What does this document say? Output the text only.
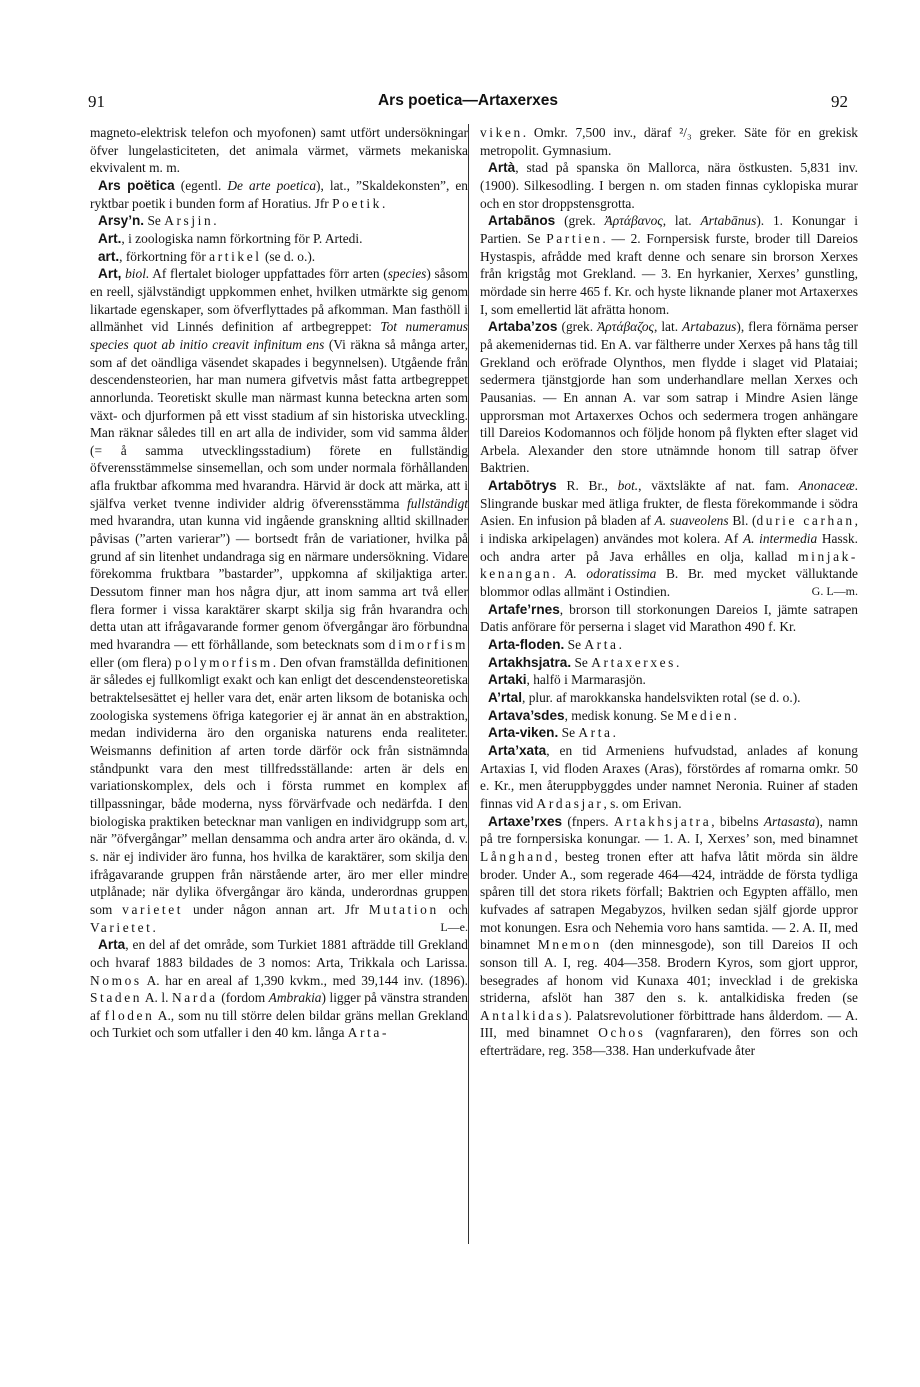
91	Ars poetica—Artaxerxes	92

magneto-elektrisk telefon och myofonen) samt utfört undersökningar öfver lungelasticiteten, det animala värmet, värmets mekaniska ekvivalent m. m.

Ars poëtica (egentl. De arte poetica), lat., ”Skaldekonsten”, en ryktbar poetik i bunden form af Horatius. Jfr Poetik.

Arsy’n. Se Arsjin.

Art., i zoologiska namn förkortning för P. Artedi.

art., förkortning för artikel (se d. o.).

Art, biol. Af flertalet biologer uppfattades förr arten (species) såsom en reell, självständigt uppkommen enhet, hvilken utmärkte sig genom likartade egenskaper, som öfverflyttades på afkomman. Man fasthöll i allmänhet vid Linnés definition af artbegreppet: Tot numeramus species quot ab initio creavit infinitum ens (Vi räkna så många arter, som af det oändliga väsendet skapades i begynnelsen). Utgående från descendensteorien, har man numera gifvetvis måst fatta artbegreppet annorlunda. Teoretiskt skulle man närmast kunna beteckna arten som växt- och djurformen på ett visst stadium af sin historiska utveckling. Man räknar således till en art alla de individer, som vid samma ålder (= å samma utvecklingsstadium) förete en fullständig öfverensstämmelse sinsemellan, och som under normala förhållanden afla fruktbar afkomma med hvarandra. Härvid är dock att märka, att i själfva verket tvenne individer aldrig öfverensstämma fullständigt med hvarandra, utan kunna vid ingående granskning alltid skillnader påvisas (”arten varierar”) — bortsedt från de variationer, hvilka på grund af sin litenhet undandraga sig en närmare undersökning. Vidare förekomma fruktbara ”bastarder”, uppkomna af skiljaktiga arter. Dessutom finner man hos några djur, att inom samma art två eller flera former i vissa karaktärer skarpt skilja sig från hvarandra och detta utan att ifrågavarande former genom öfvergångar äro förbundna med hvarandra — ett förhållande, som betecknats som dimorfism eller (om flera) polymorfism. Den ofvan framställda definitionen är således ej fullkomligt exakt och kan enligt det descendensteoretiska betraktelsesättet ej heller vara det, enär arten liksom de botaniska och zoologiska systemens öfriga kategorier ej är annat än en abstraktion, medan individerna äro den organiska naturens enda realiteter. Weismanns definition af arten torde därför ock från sistnämnda ståndpunkt vara den mest tillfredsställande: arten är dels en variationskomplex, dels och i första rummet en komplex af tillpassningar, både moderna, nyss förvärfvade och nedärfda. I den biologiska praktiken betecknar man vanligen en individgrupp som art, när ”öfvergångar” mellan densamma och andra arter äro okända, d. v. s. när ej individer äro funna, hos hvilka de karaktärer, som skilja den ifrågavarande gruppen från närstående arter, äro mer eller mindre utplånade; när dylika öfvergångar äro kända, underordnas gruppen som varietet under någon annan art. Jfr Mutation och Varietet.	L—e.

Arta, en del af det område, som Turkiet 1881 afträdde till Grekland och hvaraf 1883 bildades de 3 nomos: Arta, Trikkala och Larissa. Nomos A. har en areal af 1,390 kvkm., med 39,144 inv. (1896). Staden A. l. Narda (fordom Ambrakia) ligger på vänstra stranden af floden A., som nu till större delen bildar gräns mellan Grekland och Turkiet och som utfaller i den 40 km. långa Arta-

viken. Omkr. 7,500 inv., däraf ²/₃ greker. Säte för en grekisk metropolit. Gymnasium.

Artà, stad på spanska ön Mallorca, nära östkusten. 5,831 inv. (1900). Silkesodling. I bergen n. om staden finnas cyklopiska murar och en stor droppstensgrotta.

Artabānos (grek. Ἀρτάβανος, lat. Artabānus). 1. Konungar i Partien. Se Partien. — 2. Fornpersisk furste, broder till Dareios Hystaspis, afrådde med kraft denne och senare sin brorson Xerxes från krigståg mot Grekland. — 3. En hyrkanier, Xerxes’ gunstling, mördade sin herre 465 f. Kr. och hyste liknande planer mot Artaxerxes I, som emellertid lät afrätta honom.

Artaba’zos (grek. Ἀρτάβαζος, lat. Artabazus), flera förnäma perser på akemenidernas tid. En A. var fältherre under Xerxes på hans tåg till Grekland och eröfrade Olynthos, men flydde i slaget vid Plataiai; sedermera tjänstgjorde han som underhandlare mellan Xerxes och Pausanias. — En annan A. var som satrap i Mindre Asien länge upprorsman mot Artaxerxes Ochos och sedermera trogen anhängare till Dareios Kodomannos och följde honom på flykten efter slaget vid Arbela. Alexander den store utnämnde honom till satrap öfver Baktrien.

Artabōtrys R. Br., bot., växtsläkte af nat. fam. Anonaceæ. Slingrande buskar med ätliga frukter, de flesta förekommande i södra Asien. En infusion på bladen af A. suaveolens Bl. (durie carhan, i indiska arkipelagen) användes mot kolera. Af A. intermedia Hassk. och andra arter på Java erhålles en olja, kallad minjak-kenangan. A. odoratissima B. Br. med mycket välluktande blommor odlas allmänt i Ostindien.	G. L—m.

Artafe’rnes, brorson till storkonungen Dareios I, jämte satrapen Datis anförare för perserna i slaget vid Marathon 490 f. Kr.

Arta-floden. Se Arta.

Artakhsjatra. Se Artaxerxes.

Artaki, halfö i Marmarasjön.

A’rtal, plur. af marokkanska handelsvikten rotal (se d. o.).

Artava’sdes, medisk konung. Se Medien.

Arta-viken. Se Arta.

Arta’xata, en tid Armeniens hufvudstad, anlades af konung Artaxias I, vid floden Araxes (Aras), förstördes af romarna omkr. 50 e. Kr., men återuppbyggdes under namnet Neronia. Ruiner af staden finnas vid Ardasjar, s. om Erivan.

Artaxe’rxes (fnpers. Artakhsjatra, bibelns Artasasta), namn på tre fornpersiska konungar. — 1. A. I, Xerxes’ son, med binamnet Långhand, besteg tronen efter att hafva låtit mörda sin äldre broder. Under A., som regerade 464—424, inträdde de första tydliga spåren till det stora rikets förfall; Baktrien och Egypten affällo, men kufvades af satrapen Megabyzos, hvilken sedan själf gjorde uppror mot konungen. Esra och Nehemia voro hans samtida. — 2. A. II, med binamnet Mnemon (den minnesgode), son till Dareios II och sonson till A. I, reg. 404—358. Brodern Kyros, som gjort uppror, besegrades af honom vid Kunaxa 401; invecklad i de grekiska striderna, afslöt han 387 den s. k. antalkidiska freden (se Antalkidas). Palatsrevolutioner förbittrade hans ålderdom. — A. III, med binamnet Ochos (vagnfararen), den förres son och efterträdare, reg. 358—338. Han underkufvade åter
